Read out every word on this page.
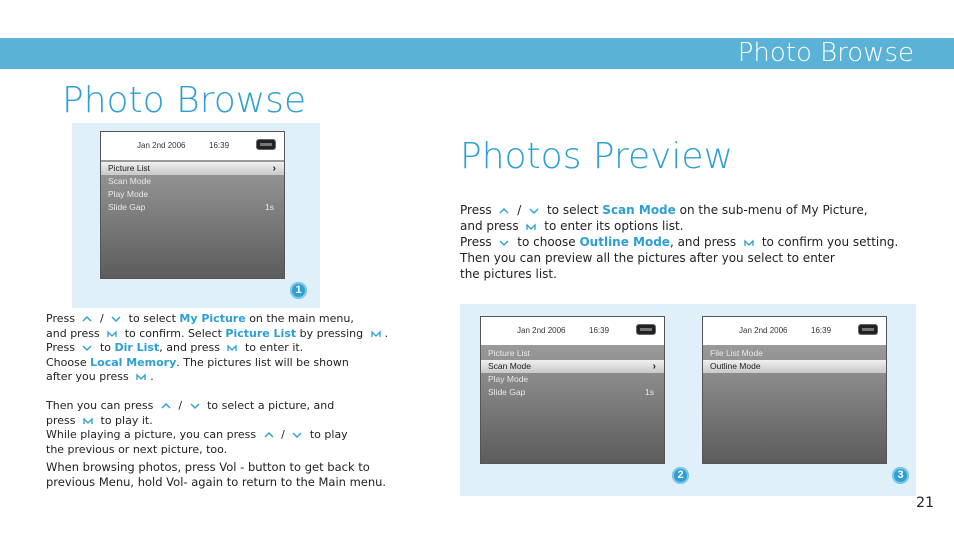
Photo Browse
Photo Browse
Jan 2nd 2006	16:39
Picture List	›
Scan Mode
Play Mode
Slide Gap	1s
1
Press / to select My Picture on the main menu,
and press to confirm. Select Picture List by pressing .
Press to Dir List, and press to enter it.
Choose Local Memory. The pictures list will be shown
after you press .
Then you can press / to select a picture, and
press to play it.
While playing a picture, you can press / to play
the previous or next picture, too.
When browsing photos, press Vol - button to get back to
previous Menu, hold Vol- again to return to the Main menu.
Photos Preview
Press / to select Scan Mode on the sub-menu of My Picture,
and press to enter its options list.
Press to choose Outline Mode, and press to confirm you setting.
Then you can preview all the pictures after you select to enter
the pictures list.
Jan 2nd 2006	16:39
Picture List
Scan Mode	›
Play Mode
Slide Gap	1s
Jan 2nd 2006	16:39
File List Mode
Outline Mode
2	3
21
